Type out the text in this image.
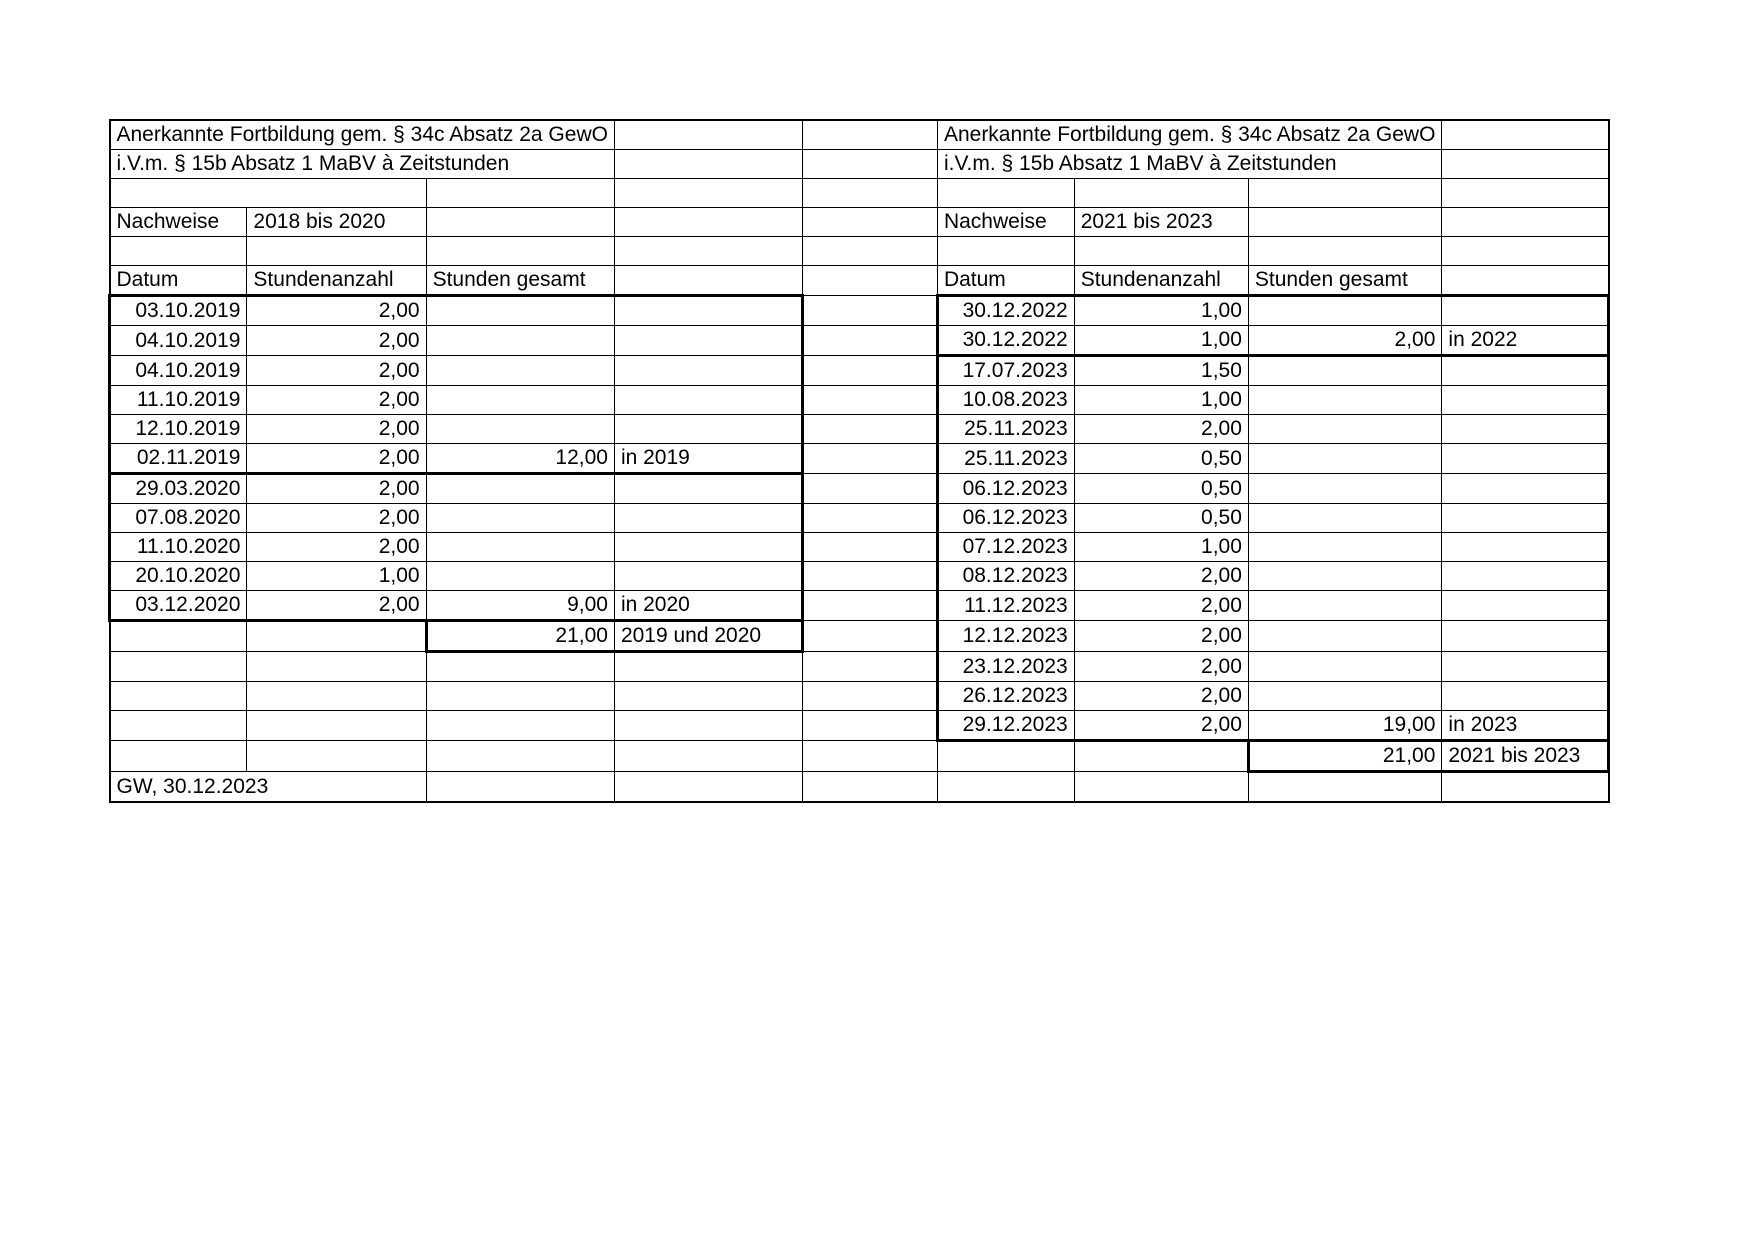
Anerkannte Fortbildung gem. § 34c Absatz 2a GewO					Anerkannte Fortbildung gem. § 34c Absatz 2a GewO			
i.V.m. § 15b Absatz 1 MaBV à Zeitstunden					i.V.m. § 15b Absatz 1 MaBV à Zeitstunden			

Nachweise	2018 bis 2020				Nachweise	2021 bis 2023		

Datum	Stundenanzahl	Stunden gesamt			Datum	Stundenanzahl	Stunden gesamt	
03.10.2019	2,00				30.12.2022	1,00		
04.10.2019	2,00				30.12.2022	1,00	2,00	in 2022
04.10.2019	2,00				17.07.2023	1,50		
11.10.2019	2,00				10.08.2023	1,00		
12.10.2019	2,00				25.11.2023	2,00		
02.11.2019	2,00	12,00	in 2019		25.11.2023	0,50		
29.03.2020	2,00				06.12.2023	0,50		
07.08.2020	2,00				06.12.2023	0,50		
11.10.2020	2,00				07.12.2023	1,00		
20.10.2020	1,00				08.12.2023	2,00		
03.12.2020	2,00	9,00	in 2020		11.12.2023	2,00		
		21,00	2019 und 2020		12.12.2023	2,00		
					23.12.2023	2,00		
					26.12.2023	2,00		
					29.12.2023	2,00	19,00	in 2023
							21,00	2021 bis 2023
GW, 30.12.2023								
